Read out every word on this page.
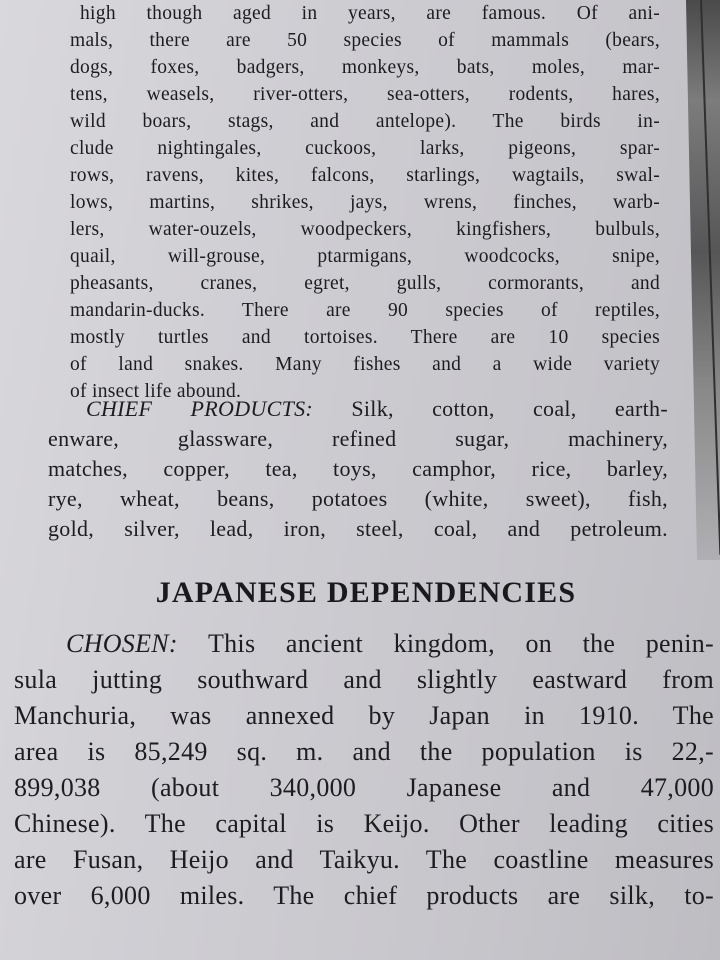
high though aged in years, are famous. Of ani-
mals, there are 50 species of mammals (bears,
dogs, foxes, badgers, monkeys, bats, moles, mar-
tens, weasels, river-otters, sea-otters, rodents, hares,
wild boars, stags, and antelope). The birds in-
clude nightingales, cuckoos, larks, pigeons, spar-
rows, ravens, kites, falcons, starlings, wagtails, swal-
lows, martins, shrikes, jays, wrens, finches, warb-
lers, water-ouzels, woodpeckers, kingfishers, bulbuls,
quail, will-grouse, ptarmigans, woodcocks, snipe,
pheasants, cranes, egret, gulls, cormorants, and
mandarin-ducks. There are 90 species of reptiles,
mostly turtles and tortoises. There are 10 species
of land snakes. Many fishes and a wide variety
of insect life abound.
CHIEF PRODUCTS: Silk, cotton, coal, earth-
enware, glassware, refined sugar, machinery,
matches, copper, tea, toys, camphor, rice, barley,
rye, wheat, beans, potatoes (white, sweet), fish,
gold, silver, lead, iron, steel, coal, and petroleum.
JAPANESE DEPENDENCIES
CHOSEN: This ancient kingdom, on the penin-
sula jutting southward and slightly eastward from
Manchuria, was annexed by Japan in 1910. The
area is 85,249 sq. m. and the population is 22,-
899,038 (about 340,000 Japanese and 47,000
Chinese). The capital is Keijo. Other leading cities
are Fusan, Heijo and Taikyu. The coastline measures
over 6,000 miles. The chief products are silk, to-
